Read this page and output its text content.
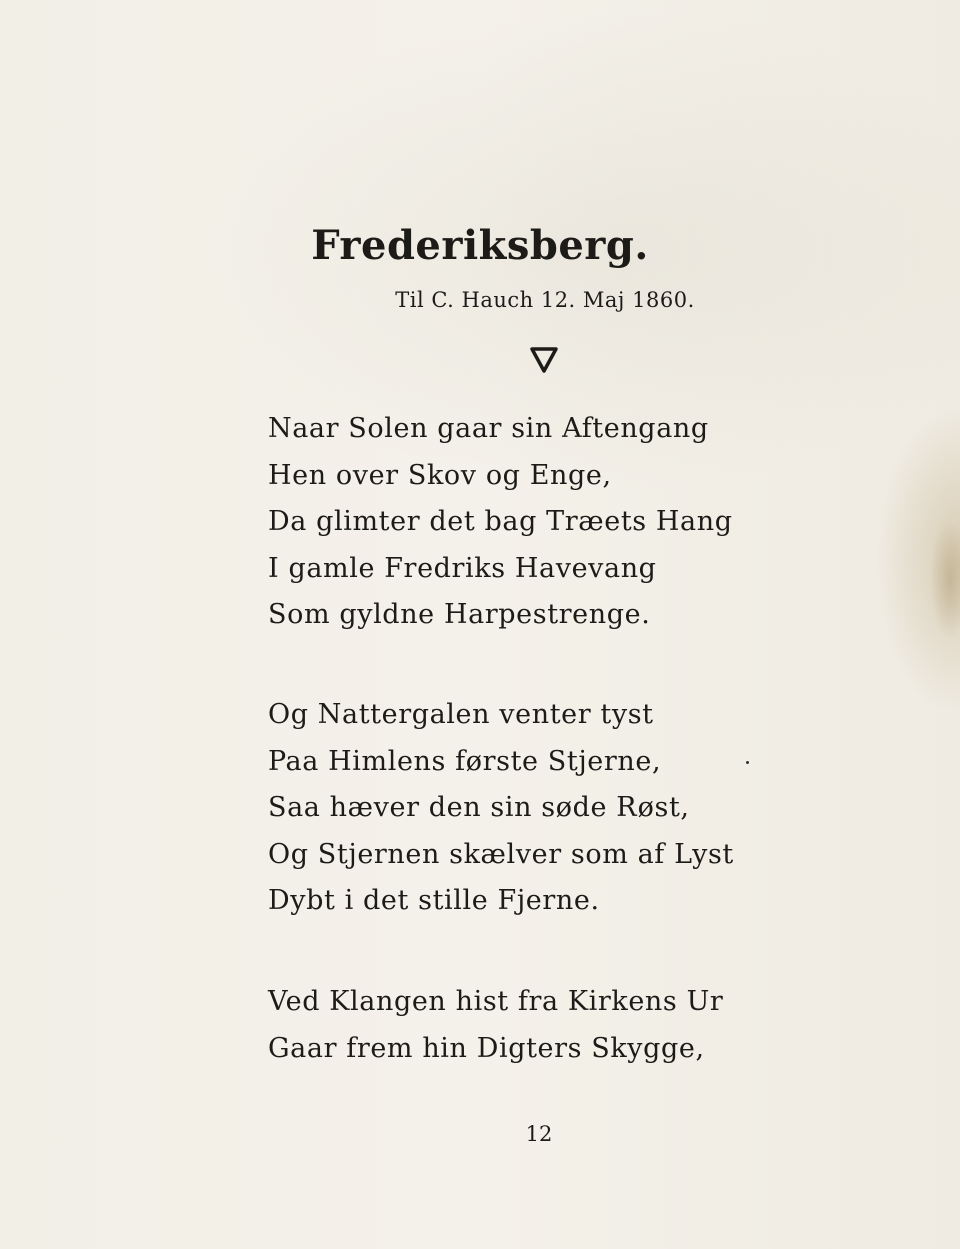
Frederiksberg.
Til C. Hauch 12. Maj 1860.
Naar Solen gaar sin Aftengang
Hen over Skov og Enge,
Da glimter det bag Træets Hang
I gamle Fredriks Havevang
Som gyldne Harpestrenge.
Og Nattergalen venter tyst
Paa Himlens første Stjerne,
Saa hæver den sin søde Røst,
Og Stjernen skælver som af Lyst
Dybt i det stille Fjerne.
Ved Klangen hist fra Kirkens Ur
Gaar frem hin Digters Skygge,
12
